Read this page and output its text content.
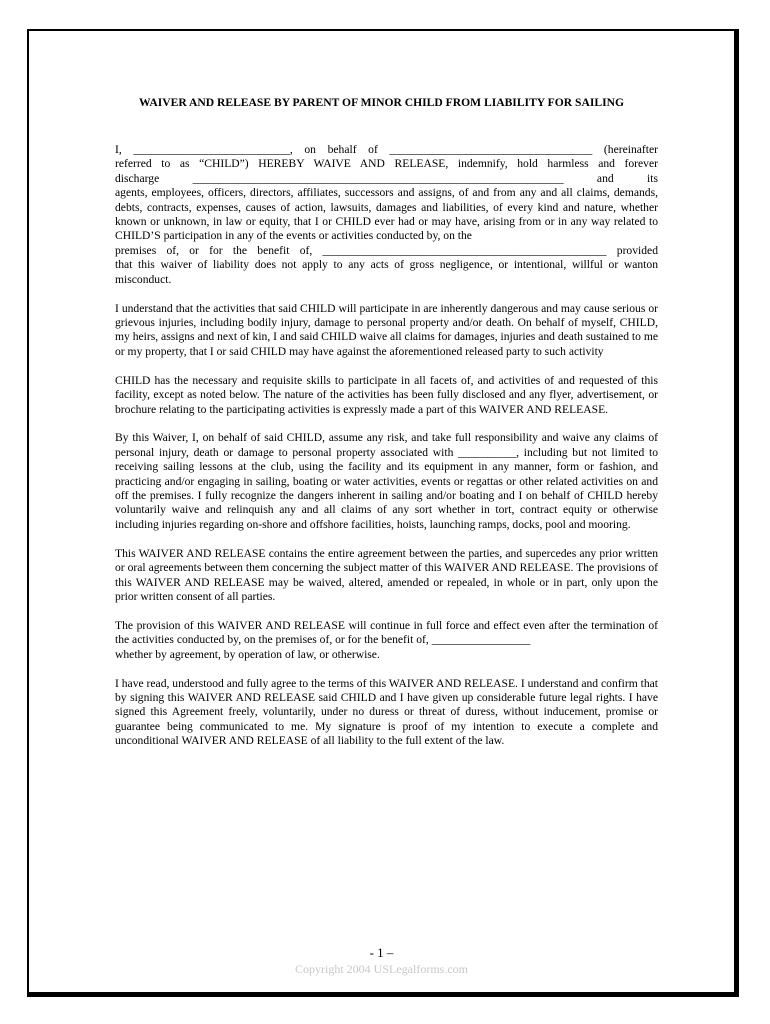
WAIVER AND RELEASE BY PARENT OF MINOR CHILD FROM LIABILITY FOR SAILING

I, ___________________________, on behalf of ___________________________________ (hereinafter
referred to as “CHILD”) HEREBY WAIVE AND RELEASE, indemnify, hold harmless and forever
discharge ________________________________________________________________ and its
agents, employees, officers, directors, affiliates, successors and assigns, of and from any and all claims, demands, debts, contracts, expenses, causes of action, lawsuits, damages and liabilities, of every kind and nature, whether known or unknown, in law or equity, that I or CHILD ever had or may have, arising from or in any way related to CHILD’S participation in any of the events or activities conducted by, on the
premises of, or for the benefit of, _________________________________________________ provided
that this waiver of liability does not apply to any acts of gross negligence, or intentional, willful or wanton misconduct.

I understand that the activities that said CHILD will participate in are inherently dangerous and may cause serious or grievous injuries, including bodily injury, damage to personal property and/or death. On behalf of myself, CHILD, my heirs, assigns and next of kin, I and said CHILD waive all claims for damages, injuries and death sustained to me or my property, that I or said CHILD may have against the aforementioned released party to such activity

CHILD has the necessary and requisite skills to participate in all facets of, and activities of and requested of this facility, except as noted below. The nature of the activities has been fully disclosed and any flyer, advertisement, or brochure relating to the participating activities is expressly made a part of this WAIVER AND RELEASE.

By this Waiver, I, on behalf of said CHILD, assume any risk, and take full responsibility and waive any claims of personal injury, death or damage to personal property associated with __________, including but not limited to receiving sailing lessons at the club, using the facility and its equipment in any manner, form or fashion, and practicing and/or engaging in sailing, boating or water activities, events or regattas or other related activities on and off the premises. I fully recognize the dangers inherent in sailing and/or boating and I on behalf of CHILD hereby voluntarily waive and relinquish any and all claims of any sort whether in tort, contract equity or otherwise including injuries regarding on-shore and offshore facilities, hoists, launching ramps, docks, pool and mooring.

This WAIVER AND RELEASE contains the entire agreement between the parties, and supercedes any prior written or oral agreements between them concerning the subject matter of this WAIVER AND RELEASE. The provisions of this WAIVER AND RELEASE may be waived, altered, amended or repealed, in whole or in part, only upon the prior written consent of all parties.

The provision of this WAIVER AND RELEASE will continue in full force and effect even after the termination of the activities conducted by, on the premises of, or for the benefit of, _________________
whether by agreement, by operation of law, or otherwise.

I have read, understood and fully agree to the terms of this WAIVER AND RELEASE. I understand and confirm that by signing this WAIVER AND RELEASE said CHILD and I have given up considerable future legal rights. I have signed this Agreement freely, voluntarily, under no duress or threat of duress, without inducement, promise or guarantee being communicated to me. My signature is proof of my intention to execute a complete and unconditional WAIVER AND RELEASE of all liability to the full extent of the law.

- 1 –
Copyright 2004 USLegalforms.com
